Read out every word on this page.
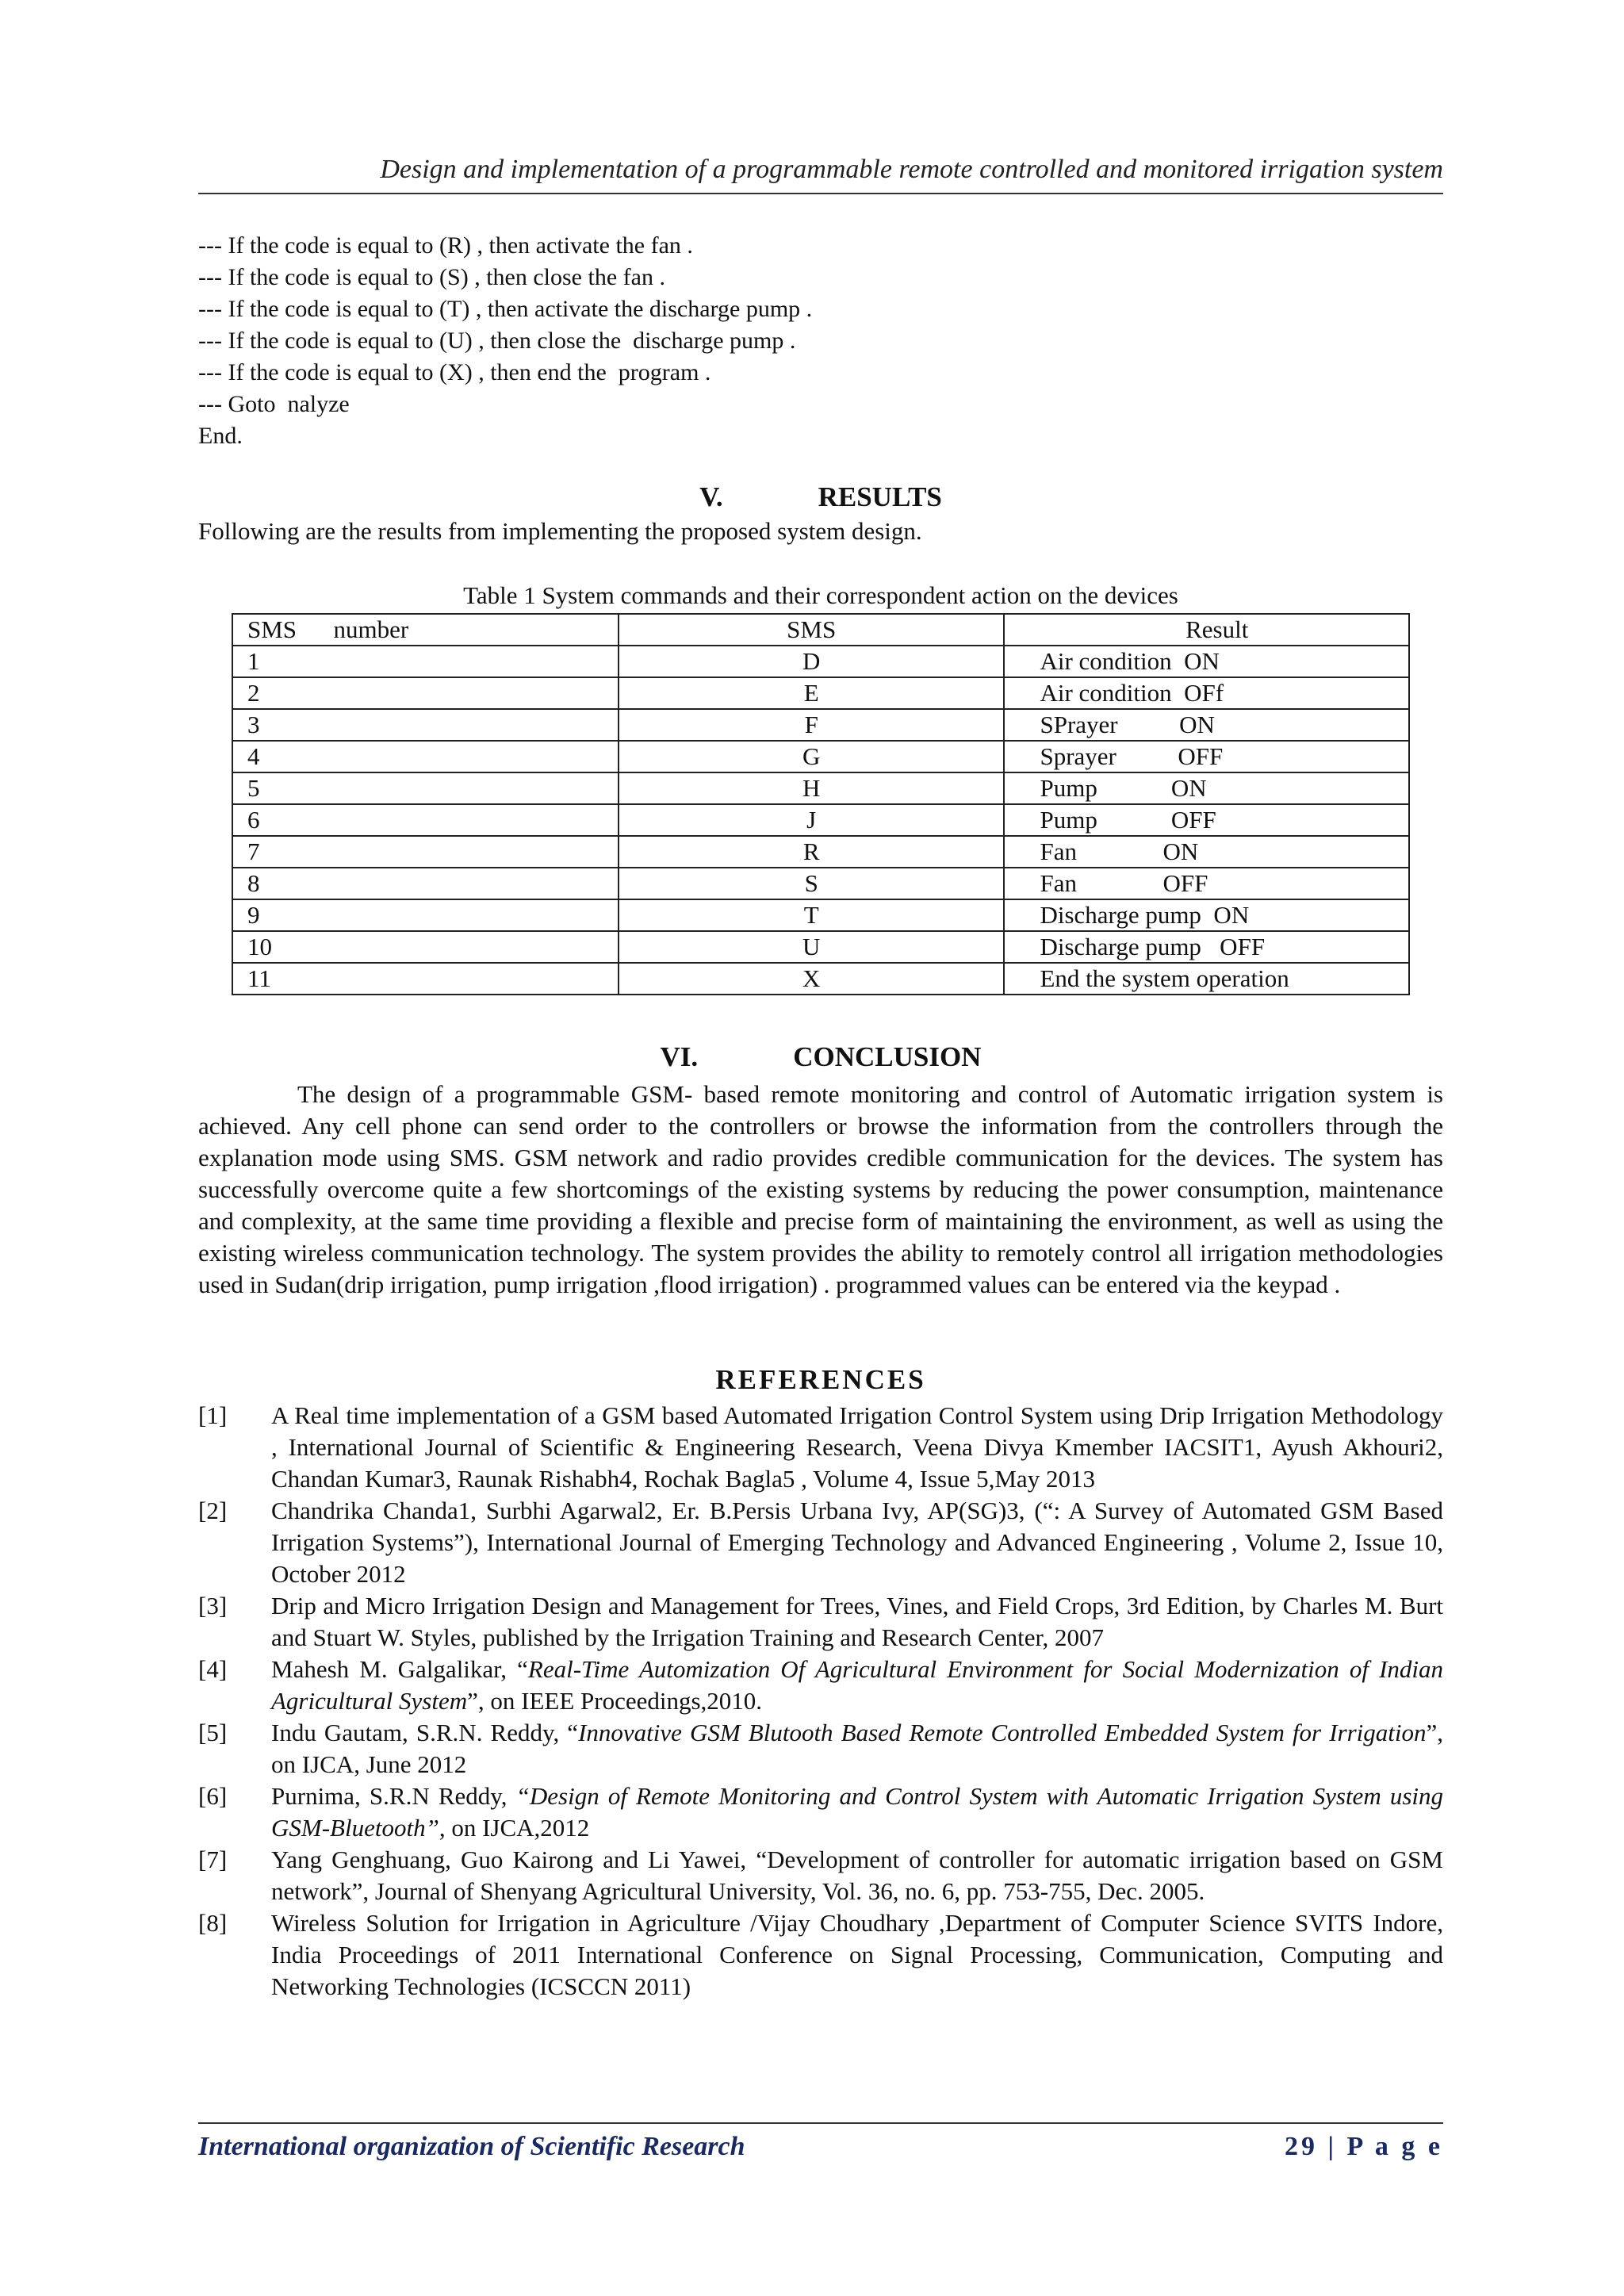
Design and implementation of a programmable remote controlled and monitored irrigation system
--- If the code is equal to (R) , then activate the fan .
--- If the code is equal to (S) , then close the fan .
--- If the code is equal to (T) , then activate the discharge pump .
--- If the code is equal to (U) , then close the  discharge pump .
--- If the code is equal to (X) , then end the  program .
--- Goto  nalyze
End.
V.	RESULTS
Following are the results from implementing the proposed system design.
Table 1 System commands and their correspondent action on the devices
SMS      number	SMS	Result
1	D	Air condition  ON
2	E	Air condition  OFf
3	F	SPrayer          ON
4	G	Sprayer          OFF
5	H	Pump            ON
6	J	Pump            OFF
7	R	Fan              ON
8	S	Fan              OFF
9	T	Discharge pump  ON
10	U	Discharge pump   OFF
11	X	End the system operation
VI.	CONCLUSION
The design of a programmable GSM- based remote monitoring and control of Automatic irrigation system is achieved. Any cell phone can send order to the controllers or browse the information from the controllers through the explanation mode using SMS. GSM network and radio provides credible communication for the devices. The system has successfully overcome quite a few shortcomings of the existing systems by reducing the power consumption, maintenance and complexity, at the same time providing a flexible and precise form of maintaining the environment, as well as using the existing wireless communication technology. The system provides the ability to remotely control all irrigation methodologies used in Sudan(drip irrigation, pump irrigation ,flood irrigation) . programmed values can be entered via the keypad .
REFERENCES
[1]	A Real time implementation of a GSM based Automated Irrigation Control System using Drip Irrigation Methodology , International Journal of Scientific & Engineering Research, Veena Divya Kmember IACSIT1, Ayush Akhouri2, Chandan Kumar3, Raunak Rishabh4, Rochak Bagla5 , Volume 4, Issue 5,May 2013
[2]	Chandrika Chanda1, Surbhi Agarwal2, Er. B.Persis Urbana Ivy, AP(SG)3, (“: A Survey of Automated GSM Based Irrigation Systems”), International Journal of Emerging Technology and Advanced Engineering , Volume 2, Issue 10, October 2012
[3]	Drip and Micro Irrigation Design and Management for Trees, Vines, and Field Crops, 3rd Edition, by Charles M. Burt and Stuart W. Styles, published by the Irrigation Training and Research Center, 2007
[4]	Mahesh M. Galgalikar, “Real-Time Automization Of Agricultural Environment for Social Modernization of Indian Agricultural System”, on IEEE Proceedings,2010.
[5]	Indu Gautam, S.R.N. Reddy, “Innovative GSM Blutooth Based Remote Controlled Embedded System for Irrigation”, on IJCA, June 2012
[6]	Purnima, S.R.N Reddy, “Design of Remote Monitoring and Control System with Automatic Irrigation System using GSM-Bluetooth”, on IJCA,2012
[7]	Yang Genghuang, Guo Kairong and Li Yawei, “Development of controller for automatic irrigation based on GSM network”, Journal of Shenyang Agricultural University, Vol. 36, no. 6, pp. 753-755, Dec. 2005.
[8]	Wireless Solution for Irrigation in Agriculture /Vijay Choudhary ,Department of Computer Science SVITS Indore, India Proceedings of 2011 International Conference on Signal Processing, Communication, Computing and Networking Technologies (ICSCCN 2011)
International organization of Scientific Research	29 | P a g e
